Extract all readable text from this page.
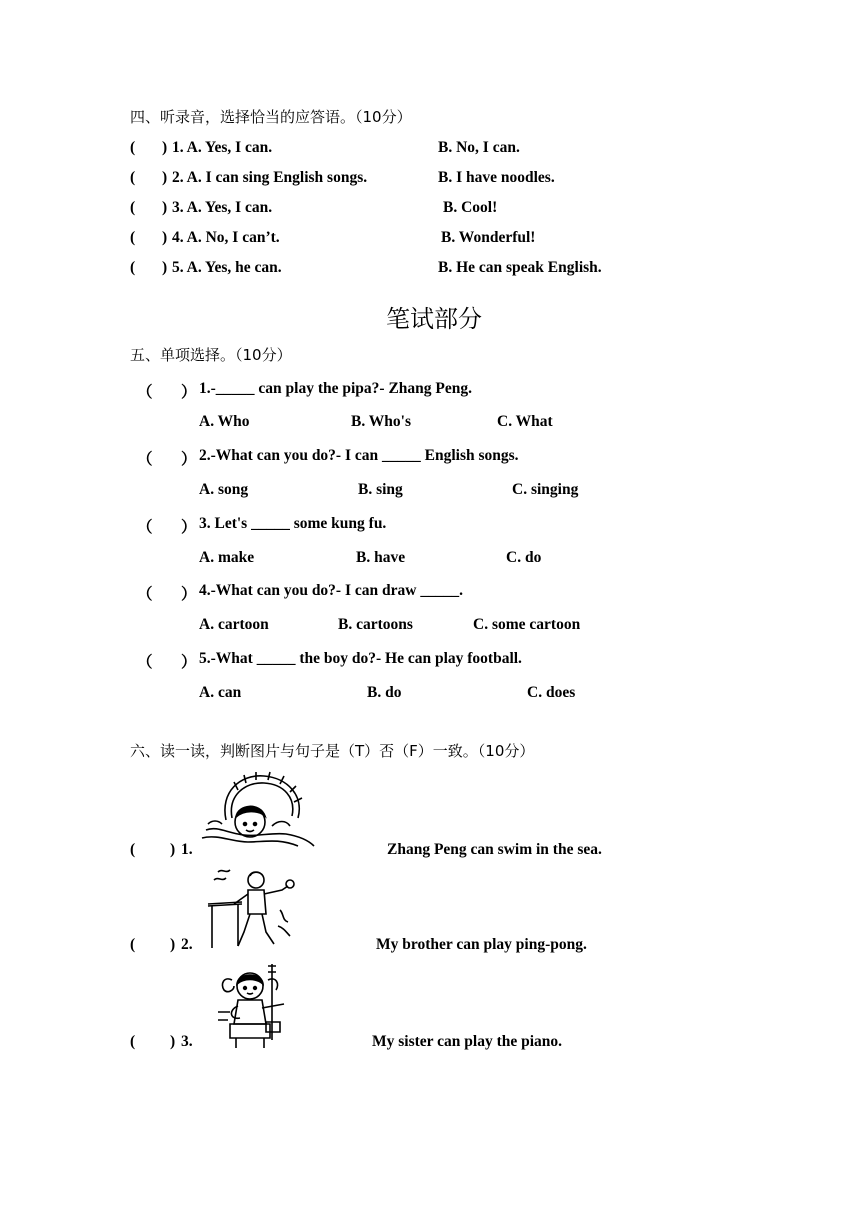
四、听录音，选择恰当的应答语。（10分）
( ) 1. A. Yes, I can.	B. No, I can.
( ) 2. A. I can sing English songs.	B. I have noodles.
( ) 3. A. Yes, I can.	B. Cool!
( ) 4. A. No, I can’t.	B. Wonderful!
( ) 5. A. Yes, he can.	B. He can speak English.
笔试部分
五、单项选择。（10分）
（ ） 1.-_____ can play the pipa?- Zhang Peng.
A. Who	B. Who's	C. What
（ ） 2.-What can you do?- I can _____ English songs.
A. song	B. sing	C. singing
（ ） 3. Let's _____ some kung fu.
A. make	B. have	C. do
（ ） 4.-What can you do?- I can draw _____.
A. cartoon	B. cartoons	C. some cartoon
（ ） 5.-What _____ the boy do?- He can play football.
A. can	B. do	C. does
六、读一读，判断图片与句子是（T）否（F）一致。（10分）
( ) 1.	Zhang Peng can swim in the sea.
( ) 2.	My brother can play ping-pong.
( ) 3.	My sister can play the piano.
